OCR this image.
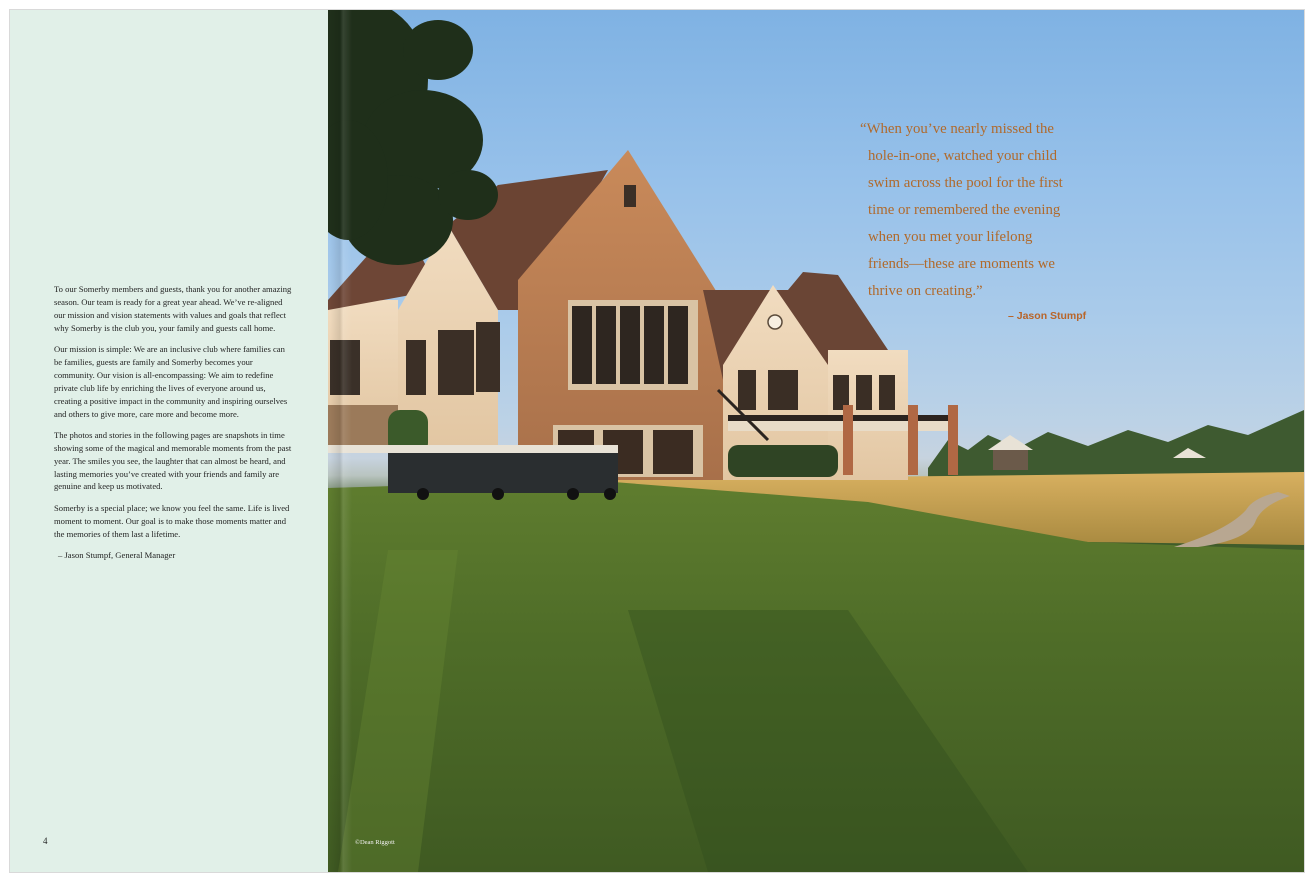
To our Somerby members and guests, thank you for another amazing season. Our team is ready for a great year ahead. We’ve re-aligned our mission and vision statements with values and goals that reflect why Somerby is the club you, your family and guests call home.

Our mission is simple: We are an inclusive club where families can be families, guests are family and Somerby becomes your community. Our vision is all-encompassing: We aim to redefine private club life by enriching the lives of everyone around us, creating a positive impact in the community and inspiring ourselves and others to give more, care more and become more.

The photos and stories in the following pages are snapshots in time showing some of the magical and memorable moments from the past year. The smiles you see, the laughter that can almost be heard, and lasting memories you’ve created with your friends and family are genuine and keep us motivated.

Somerby is a special place; we know you feel the same. Life is lived moment to moment. Our goal is to make those moments matter and the memories of them last a lifetime.

– Jason Stumpf, General Manager

4
“When you’ve nearly missed the
hole-in-one, watched your child
swim across the pool for the first
time or remembered the evening
when you met your lifelong
friends—these are moments we
thrive on creating.”
– Jason Stumpf
©Dean Riggott
